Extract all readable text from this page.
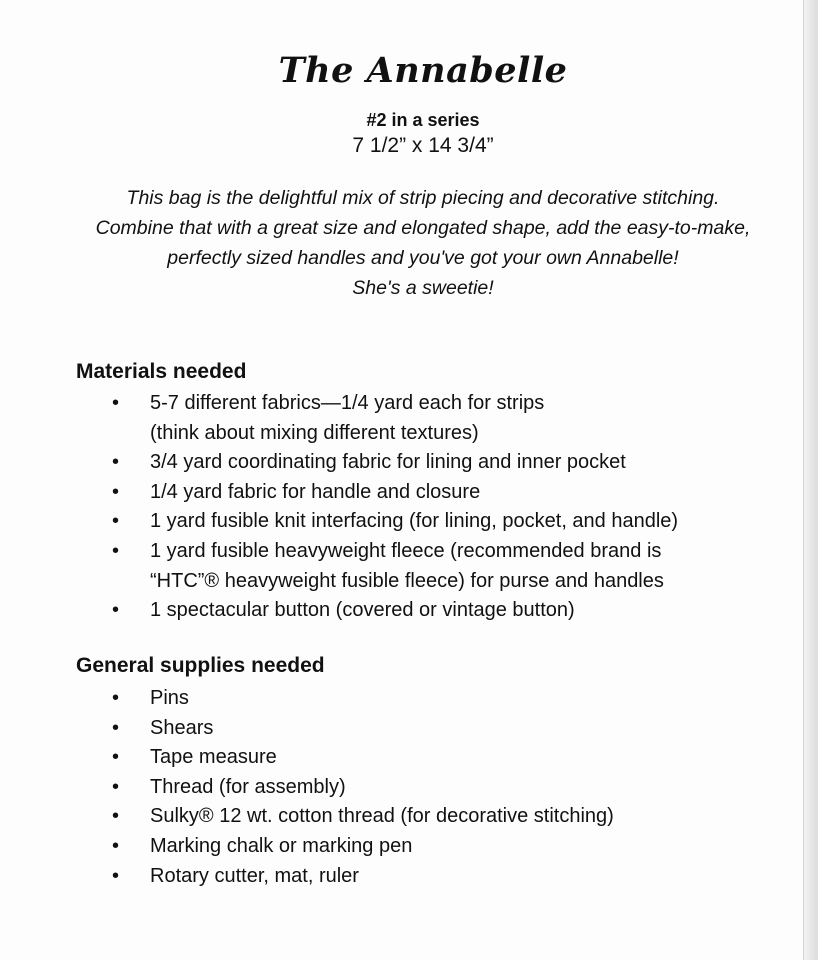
The Annabelle
#2 in a series
7 1/2” x 14 3/4”
This bag is the delightful mix of strip piecing and decorative stitching.
Combine that with a great size and elongated shape, add the easy-to-make,
perfectly sized handles and you've got your own Annabelle!
She's a sweetie!
Materials needed
• 5-7 different fabrics—1/4 yard each for strips
(think about mixing different textures)
• 3/4 yard coordinating fabric for lining and inner pocket
• 1/4 yard fabric for handle and closure
• 1 yard fusible knit interfacing (for lining, pocket, and handle)
• 1 yard fusible heavyweight fleece (recommended brand is
“HTC”® heavyweight fusible fleece) for purse and handles
• 1 spectacular button (covered or vintage button)
General supplies needed
• Pins
• Shears
• Tape measure
• Thread (for assembly)
• Sulky® 12 wt. cotton thread (for decorative stitching)
• Marking chalk or marking pen
• Rotary cutter, mat, ruler
